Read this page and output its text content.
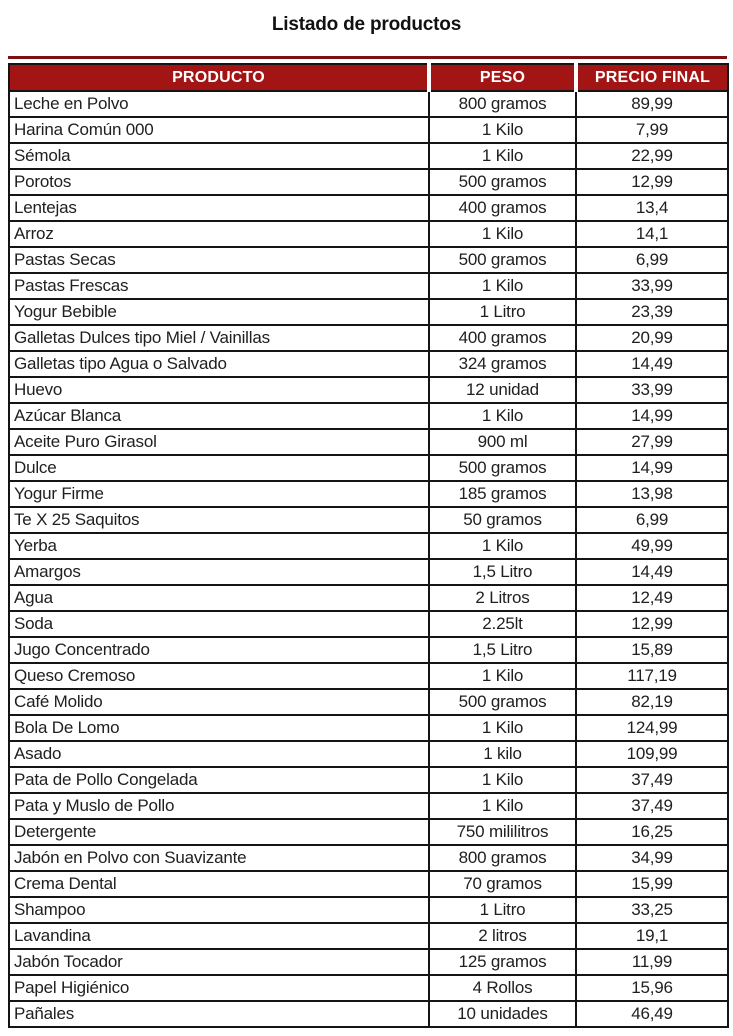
Listado de productos
PRODUCTO	PESO	PRECIO FINAL
Leche en Polvo	800 gramos	89,99
Harina Común 000	1 Kilo	7,99
Sémola	1 Kilo	22,99
Porotos	500 gramos	12,99
Lentejas	400 gramos	13,4
Arroz	1 Kilo	14,1
Pastas Secas	500 gramos	6,99
Pastas Frescas	1 Kilo	33,99
Yogur Bebible	1 Litro	23,39
Galletas Dulces tipo Miel / Vainillas	400 gramos	20,99
Galletas tipo Agua o Salvado	324 gramos	14,49
Huevo	12 unidad	33,99
Azúcar Blanca	1 Kilo	14,99
Aceite Puro Girasol	900 ml	27,99
Dulce	500 gramos	14,99
Yogur Firme	185 gramos	13,98
Te X 25 Saquitos	50 gramos	6,99
Yerba	1 Kilo	49,99
Amargos	1,5 Litro	14,49
Agua	2 Litros	12,49
Soda	2.25lt	12,99
Jugo Concentrado	1,5 Litro	15,89
Queso Cremoso	1 Kilo	117,19
Café Molido	500 gramos	82,19
Bola De Lomo	1 Kilo	124,99
Asado	1 kilo	109,99
Pata de Pollo Congelada	1 Kilo	37,49
Pata y Muslo de Pollo	1 Kilo	37,49
Detergente	750 mililitros	16,25
Jabón en Polvo con Suavizante	800 gramos	34,99
Crema Dental	70 gramos	15,99
Shampoo	1 Litro	33,25
Lavandina	2 litros	19,1
Jabón Tocador	125 gramos	11,99
Papel Higiénico	4 Rollos	15,96
Pañales	10 unidades	46,49
